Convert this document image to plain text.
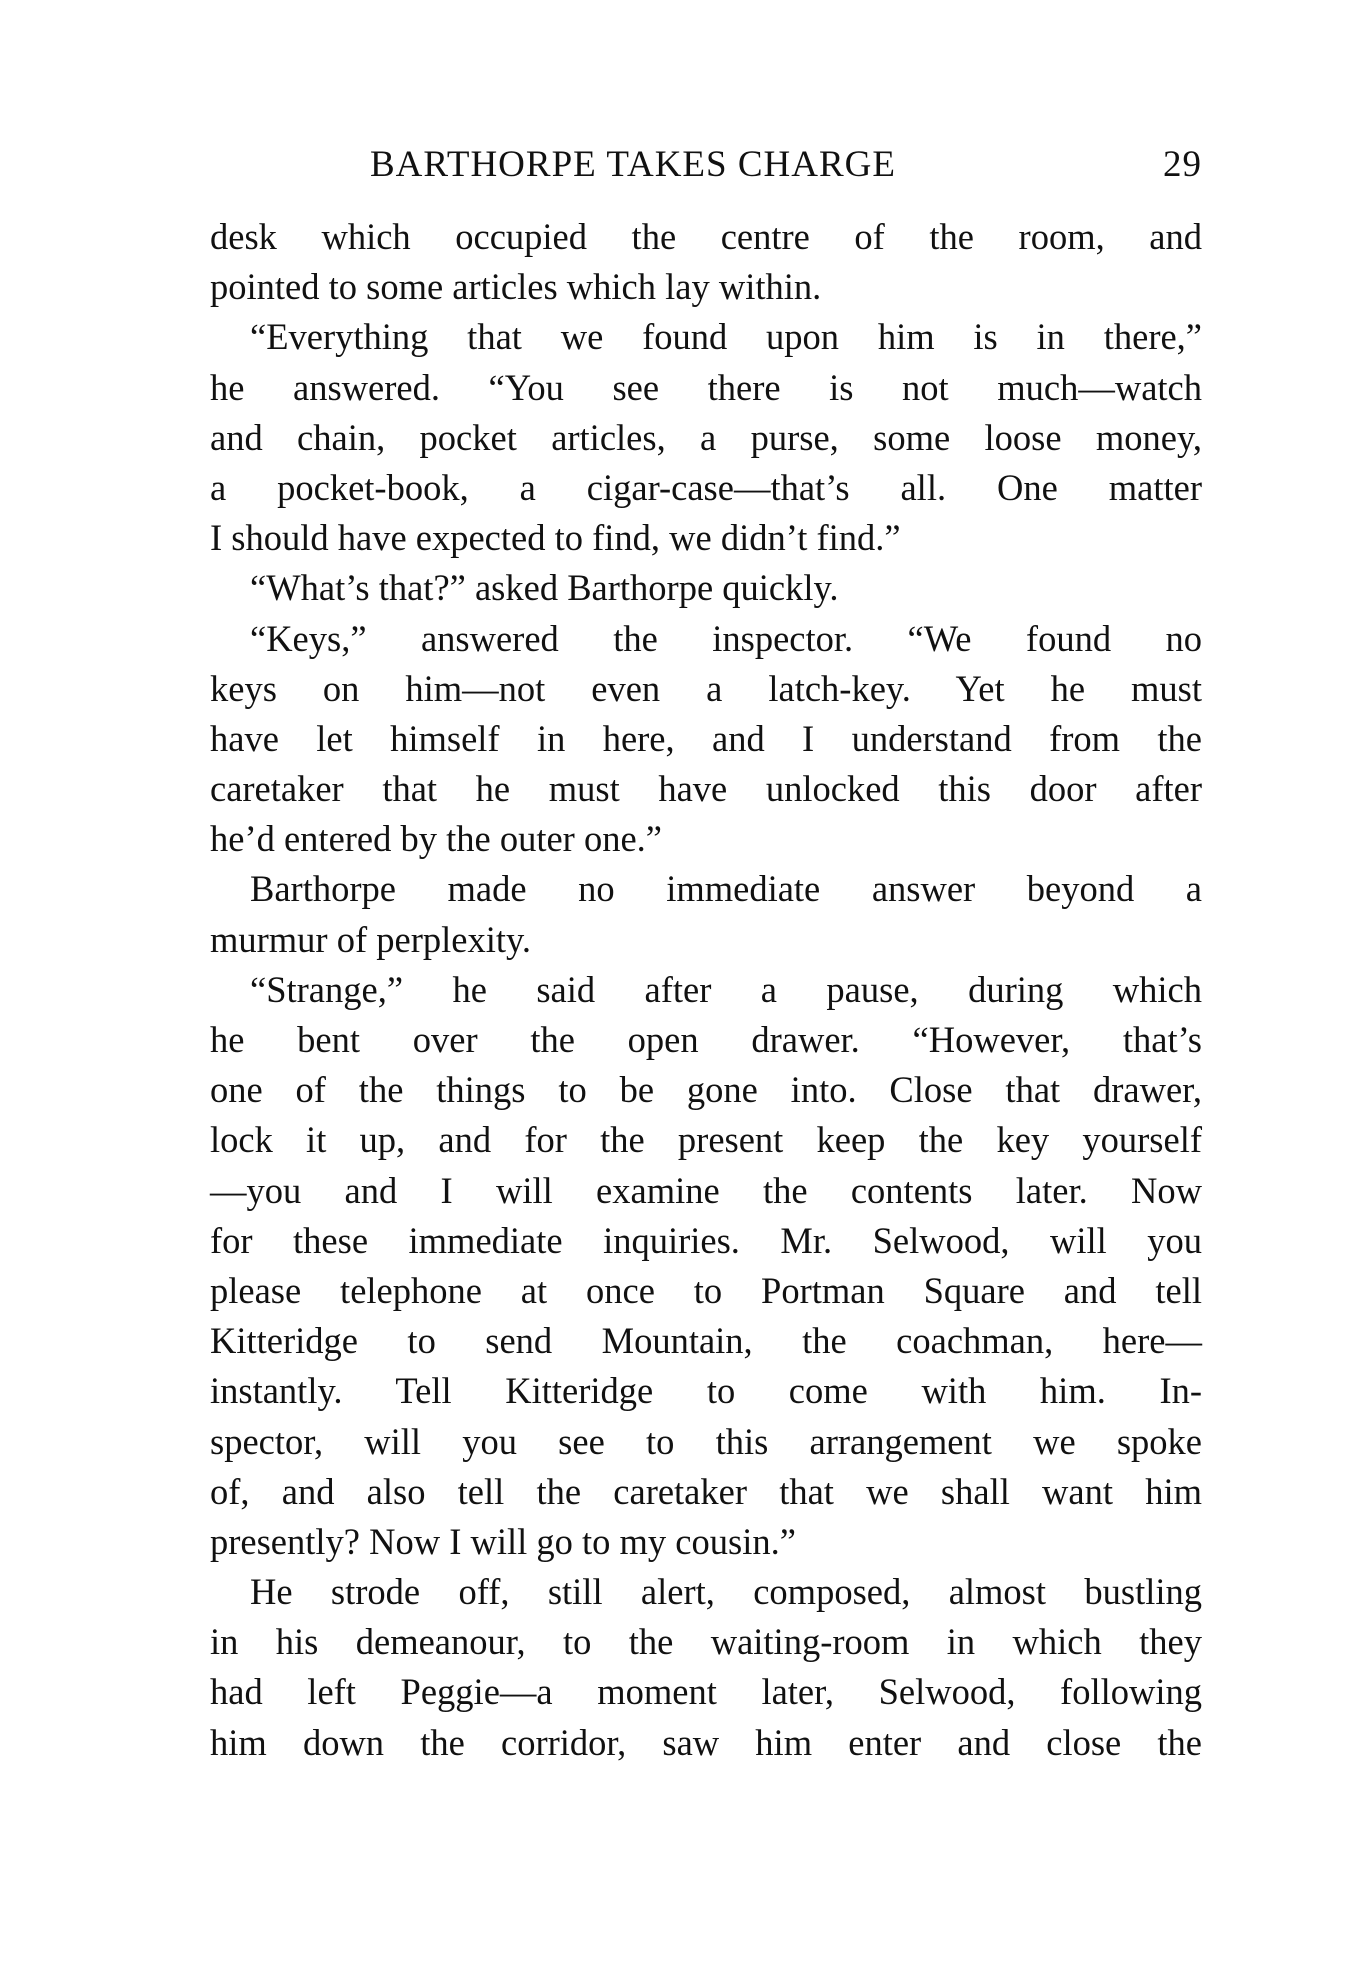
BARTHORPE TAKES CHARGE	29
desk which occupied the centre of the room, and
pointed to some articles which lay within.
“Everything that we found upon him is in there,”
he answered. “You see there is not much—watch
and chain, pocket articles, a purse, some loose money,
a pocket-book, a cigar-case—that’s all. One matter
I should have expected to find, we didn’t find.”
“What’s that?” asked Barthorpe quickly.
“Keys,” answered the inspector. “We found no
keys on him—not even a latch-key. Yet he must
have let himself in here, and I understand from the
caretaker that he must have unlocked this door after
he’d entered by the outer one.”
Barthorpe made no immediate answer beyond a
murmur of perplexity.
“Strange,” he said after a pause, during which
he bent over the open drawer. “However, that’s
one of the things to be gone into. Close that drawer,
lock it up, and for the present keep the key yourself
—you and I will examine the contents later. Now
for these immediate inquiries. Mr. Selwood, will you
please telephone at once to Portman Square and tell
Kitteridge to send Mountain, the coachman, here—
instantly. Tell Kitteridge to come with him. In-
spector, will you see to this arrangement we spoke
of, and also tell the caretaker that we shall want him
presently? Now I will go to my cousin.”
He strode off, still alert, composed, almost bustling
in his demeanour, to the waiting-room in which they
had left Peggie—a moment later, Selwood, following
him down the corridor, saw him enter and close the
